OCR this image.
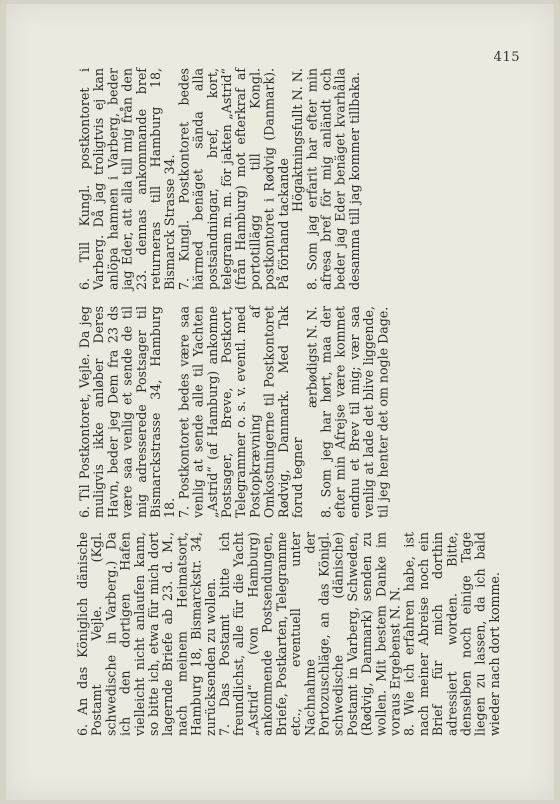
415

6. An das Königlich dänische Postamt Vejle. (Kgl. schwedische in Varberg.) Da ich den dortigen Hafen vielleicht nicht anlaufen kann, so bitte ich, etwa für mich dort lagernde Briefe ab 23. d. M., nach meinem Heimatsort, Hamburg 18, Bismarckstr. 34, zurücksenden zu wollen. 7. Das Postamt bitte ich freundlichst, alle für die Yacht „Astrid“ (von Hamburg) ankommende Postsendungen, Briefe, Postkarten, Telegramme etc., eventuell unter Nachnahme der Portozuschläge, an das Königl. schwedische (dänische) Postamt in Varberg, Schweden, (Rødvig, Danmark) senden zu wollen. Mit bestem Danke im voraus Ergebenst N. N. 8. Wie ich erfahren habe, ist nach meiner Abreise noch ein Brief für mich dorthin adressiert worden. Bitte, denselben noch einige Tage liegen zu lassen, da ich bald wieder nach dort komme.

6. Til Postkontoret, Vejle. Da jeg muligvis ikke anløber Deres Havn, beder jeg Dem fra 23 ds være saa venlig et sende de til mig adresserede Postsager til Bismarckstrasse 34, Hamburg 18. 7. Postkontoret bedes være saa venlig at sende alle til Yachten „Astrid“ (af Hamburg) ankomne Postsager, Breve, Postkort, Telegrammer o. s. v. eventl. med Postopkrævning af Omkostningerne til Postkontoret Rødvig, Danmark. Med Tak forud tegner

ærbødigst N. N. 8. Som jeg har hørt, maa der efter min Afrejse være kommet endnu et Brev til mig; vær saa venlig at lade det blive liggende, til jeg henter det om nogle Dage.

6. Till Kungl. postkontoret i Varberg. Då jag troligtvis ej kan anlöpa hamnen i Varberg, beder jag Eder, att alla till mig från den 23. dennas ankommande bref returneras till Hamburg 18, Bismarck Strasse 34. 7. Kungl. Postkontoret bedes härmed benäget sända alla postsändningar, bref, kort, telegram m. m. för jakten „Astrid“ (från Hamburg) mot efterkraf af portotillägg till Kongl. postkontoret i Rødvig (Danmark). På förhand tackande

Högaktningsfullt N. N. 8. Som jag erfarit har efter min afresa bref för mig anländt och beder jag Eder benäget kvarhålla desamma till jag kommer tillbaka.
